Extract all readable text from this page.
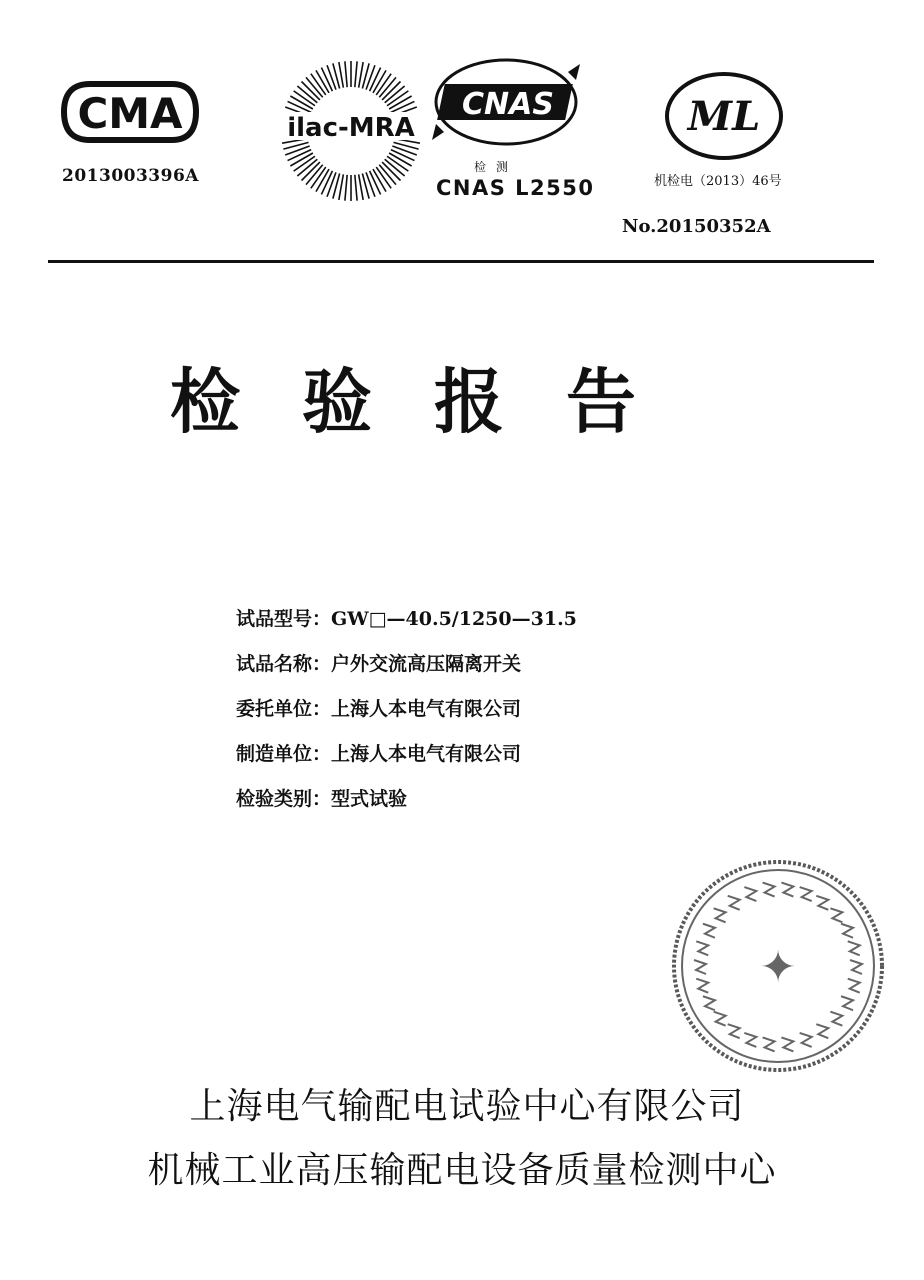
CMA
2013003396A
ilac-MRA
CNAS
检测
CNAS L2550
ML
机检电（2013）46号
No.20150352A
检验报告
试品型号：GW□—40.5/1250—31.5
试品名称：户外交流高压隔离开关
委托单位：上海人本电气有限公司
制造单位：上海人本电气有限公司
检验类别：型式试验
✦
上海电气输配电试验中心有限公司
机械工业高压输配电设备质量检测中心
